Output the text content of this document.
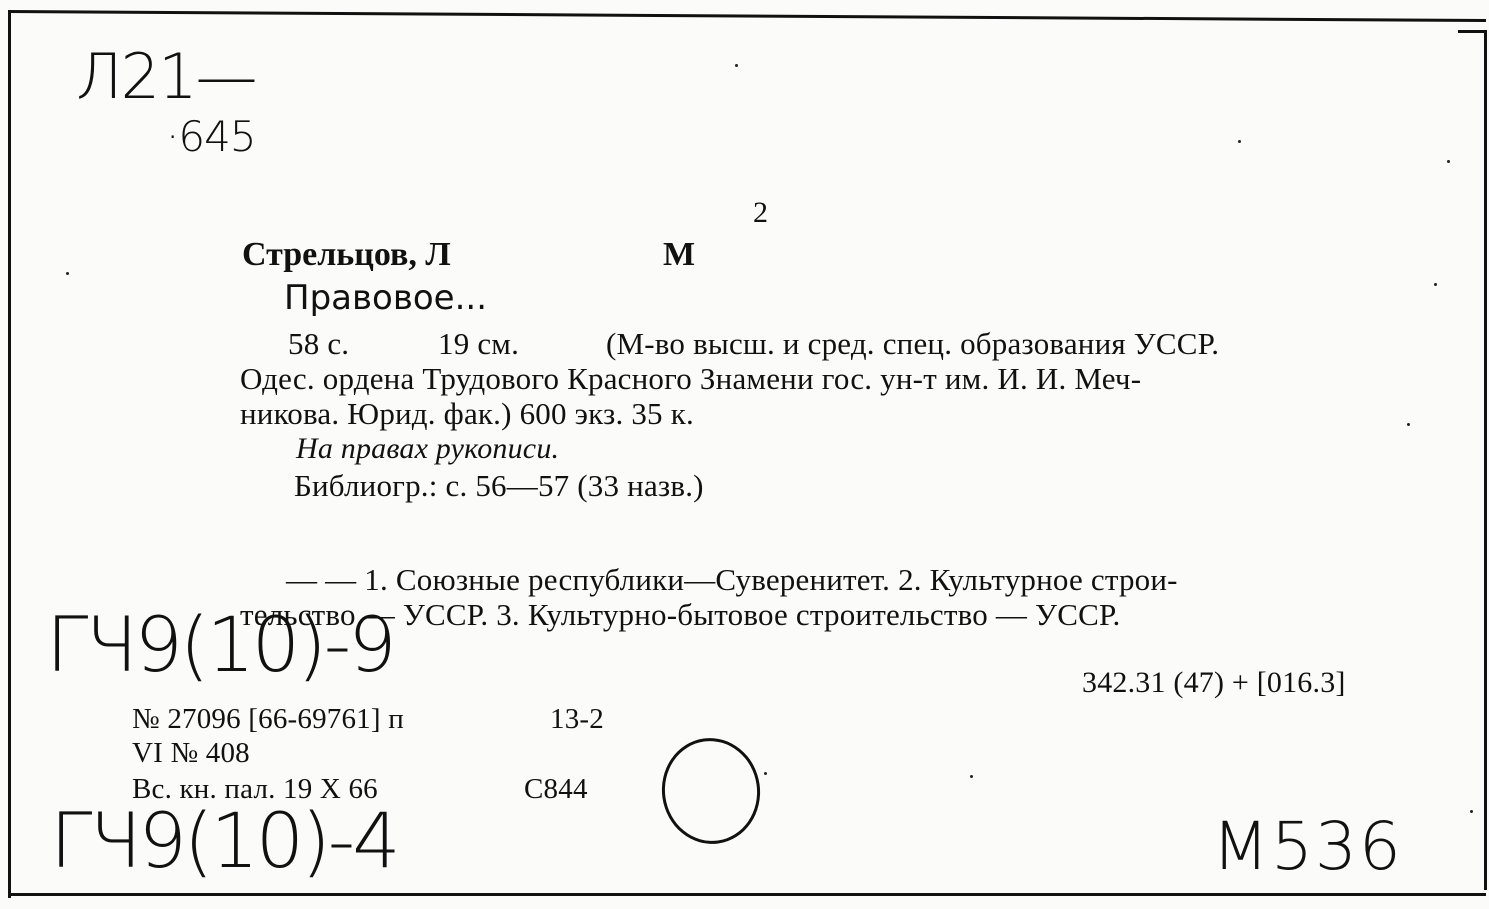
Л21—
·645
2
Стрельцов, Л	М
Правовое...
58 с.	19 см.	(М-во высш. и сред. спец. образования УССР.
Одес. ордена Трудового Красного Знамени гос. ун-т им. И. И. Меч-
никова. Юрид. фак.) 600 экз. 35 к.
На правах рукописи.
Библиогр.: с. 56—57 (33 назв.)
— — 1. Союзные республики—Суверенитет. 2. Культурное строи-
тельство — УССР. 3. Культурно-бытовое строительство — УССР.
ГЧ9(10)-9	342.31 (47) + [016.3]
№ 27096 [66-69761] п	13-2
VI № 408
Вс. кн. пал. 19 X 66	С844
ГЧ9(10)-4	M536
